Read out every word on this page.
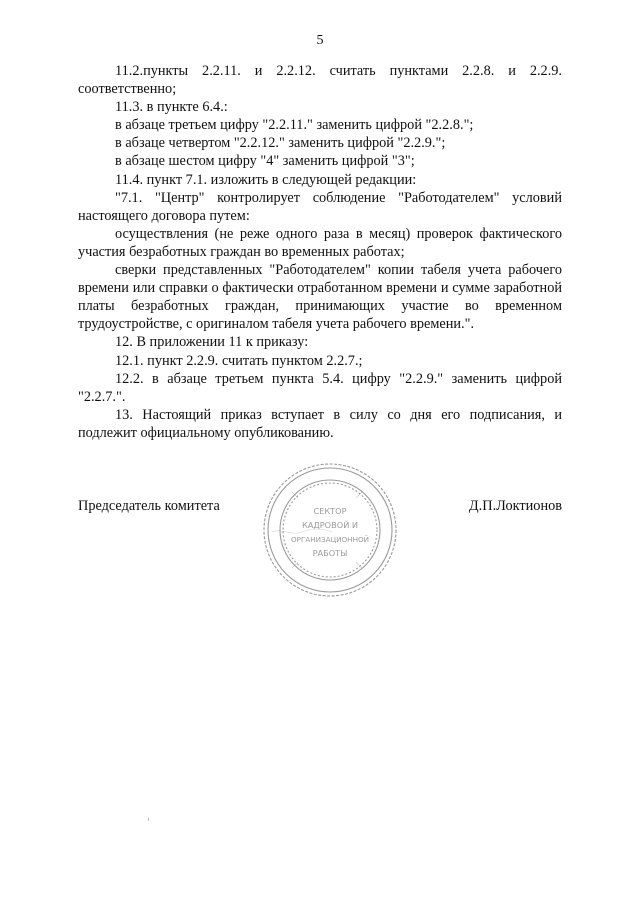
5

11.2.пункты 2.2.11. и 2.2.12. считать пунктами 2.2.8. и 2.2.9. соответственно;

11.3. в пункте 6.4.:

в абзаце третьем цифру "2.2.11." заменить цифрой "2.2.8.";

в абзаце четвертом "2.2.12." заменить цифрой "2.2.9.";

в абзаце шестом цифру "4" заменить цифрой "3";

11.4. пункт 7.1. изложить в следующей редакции:

"7.1. "Центр" контролирует соблюдение "Работодателем" условий настоящего договора путем:

осуществления (не реже одного раза в месяц) проверок фактического участия безработных граждан во временных работах;

сверки представленных "Работодателем" копии табеля учета рабочего времени или справки о фактически отработанном времени и сумме заработной платы безработных граждан, принимающих участие во временном трудоустройстве, с оригиналом табеля учета рабочего времени.".

12. В приложении 11 к приказу:

12.1. пункт 2.2.9. считать пунктом 2.2.7.;

12.2. в абзаце третьем пункта 5.4. цифру "2.2.9." заменить цифрой "2.2.7.".

13. Настоящий приказ вступает в силу со дня его подписания, и подлежит официальному опубликованию.

Председатель комитета	Д.П.Локтионов
СЕКТОР
КАДРОВОЙ И
ОРГАНИЗАЦИОННОЙ
РАБОТЫ
